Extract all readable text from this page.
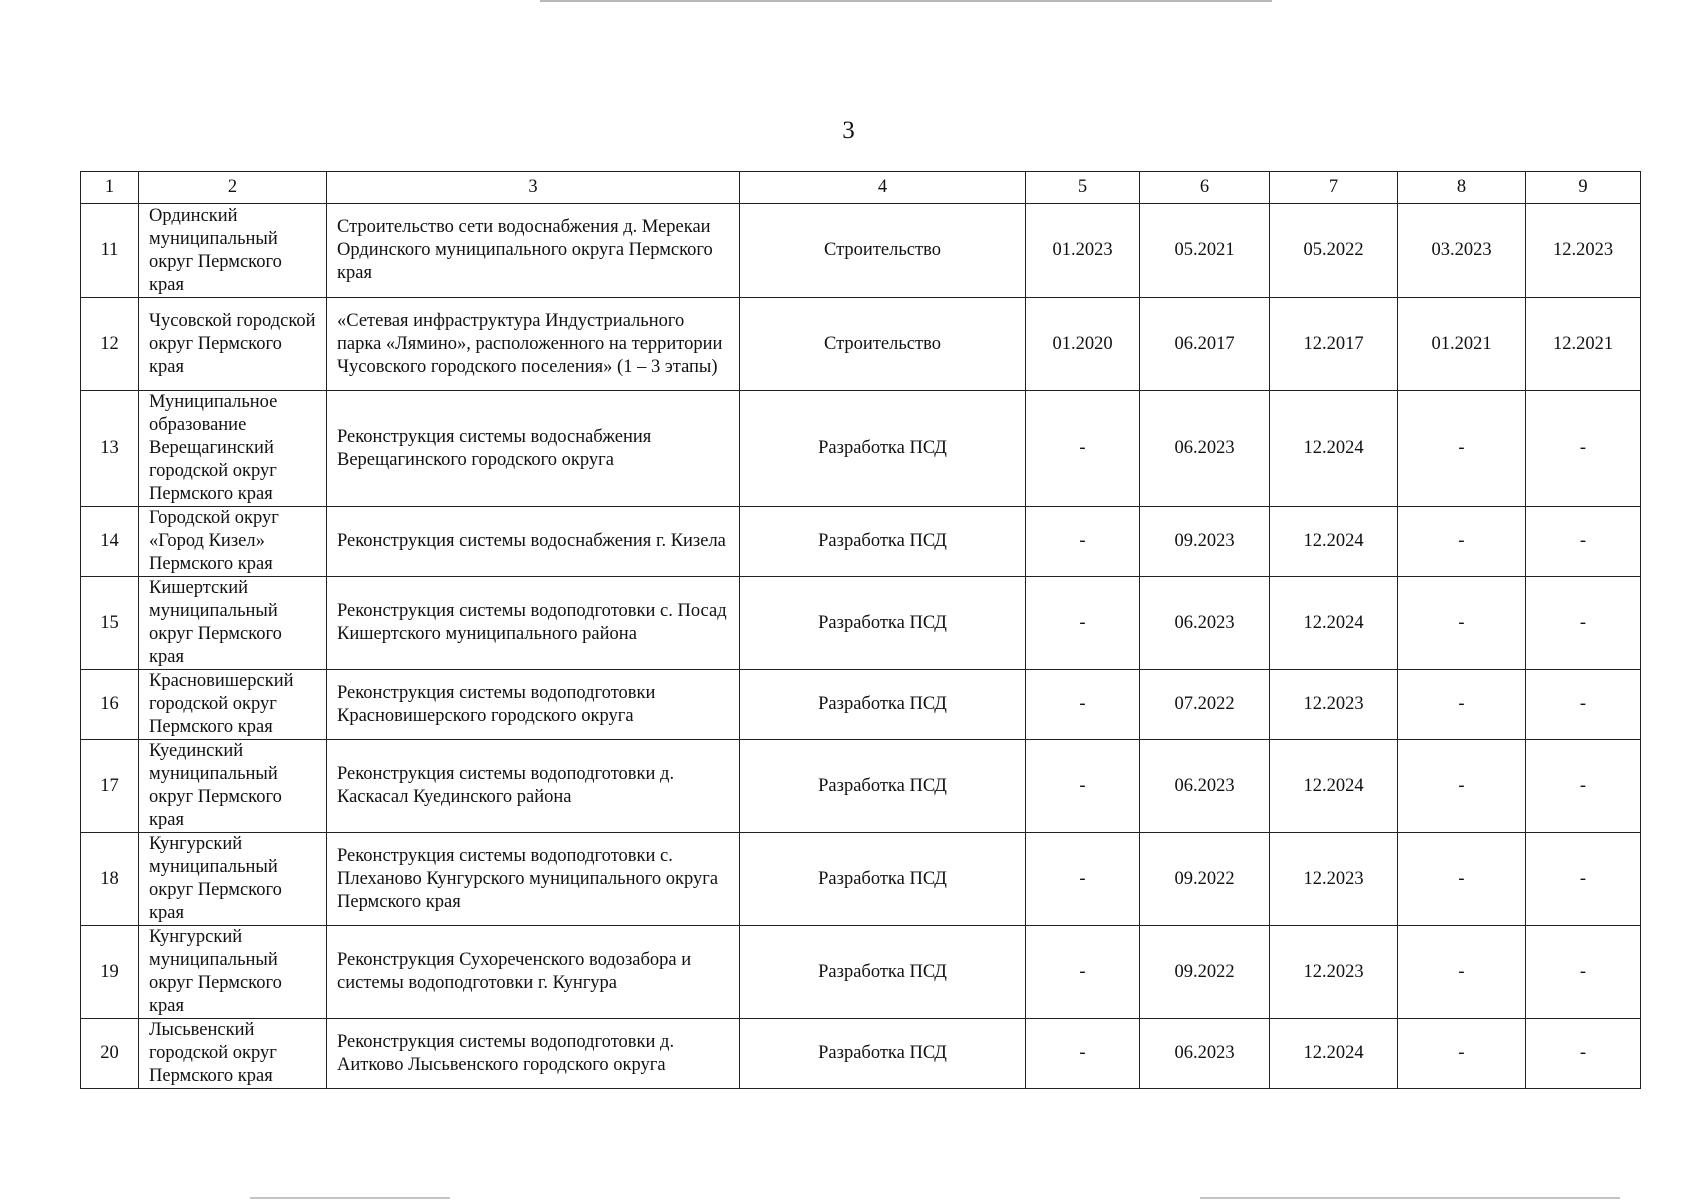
3
1	2	3	4	5	6	7	8	9
11	Ординский муниципальный округ Пермского края	Строительство сети водоснабжения д. Мерекаи Ординского муниципального округа Пермского края	Строительство	01.2023	05.2021	05.2022	03.2023	12.2023
12	Чусовской городской округ Пермского края	«Сетевая инфраструктура Индустриального парка «Лямино», расположенного на территории Чусовского городского поселения» (1 – 3 этапы)	Строительство	01.2020	06.2017	12.2017	01.2021	12.2021
13	Муниципальное образование Верещагинский городской округ Пермского края	Реконструкция системы водоснабжения Верещагинского городского округа	Разработка ПСД	-	06.2023	12.2024	-	-
14	Городской округ «Город Кизел» Пермского края	Реконструкция системы водоснабжения г. Кизела	Разработка ПСД	-	09.2023	12.2024	-	-
15	Кишертский муниципальный округ Пермского края	Реконструкция системы водоподготовки с. Посад Кишертского муниципального района	Разработка ПСД	-	06.2023	12.2024	-	-
16	Красновишерский городской округ Пермского края	Реконструкция системы водоподготовки Красновишерского городского округа	Разработка ПСД	-	07.2022	12.2023	-	-
17	Куединский муниципальный округ Пермского края	Реконструкция системы водоподготовки д. Каскасал Куединского района	Разработка ПСД	-	06.2023	12.2024	-	-
18	Кунгурский муниципальный округ Пермского края	Реконструкция системы водоподготовки с. Плеханово Кунгурского муниципального округа Пермского края	Разработка ПСД	-	09.2022	12.2023	-	-
19	Кунгурский муниципальный округ Пермского края	Реконструкция Сухореченского водозабора и системы водоподготовки г. Кунгура	Разработка ПСД	-	09.2022	12.2023	-	-
20	Лысьвенский городской округ Пермского края	Реконструкция системы водоподготовки д. Аитково Лысьвенского городского округа	Разработка ПСД	-	06.2023	12.2024	-	-
